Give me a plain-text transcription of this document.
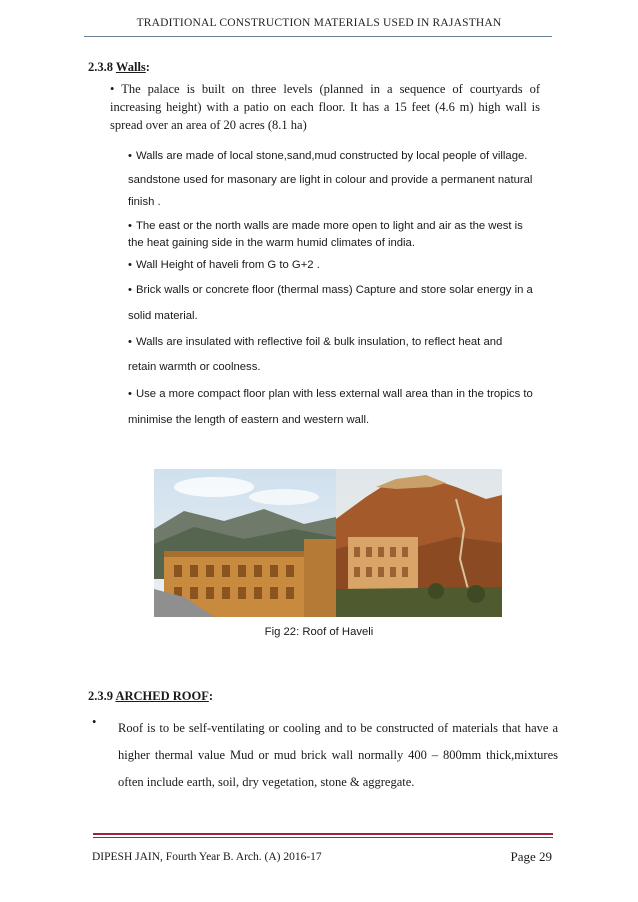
TRADITIONAL CONSTRUCTION MATERIALS USED IN RAJASTHAN
2.3.8 Walls:
• The palace is built on three levels (planned in a sequence of courtyards of increasing height) with a patio on each floor. It has a 15 feet (4.6 m) high wall is spread over an area of 20 acres (8.1 ha)
• Walls are made of local stone,sand,mud constructed by local people of village.
sandstone used for masonary are light in colour and provide a permanent natural
finish .
• The east or the north walls are made more open to light and air as the west is
the heat gaining side in the warm humid climates of india.
• Wall Height of haveli from G to G+2 .
• Brick walls or concrete floor (thermal mass) Capture and store solar energy in a
solid material.
• Walls are insulated with reflective foil & bulk insulation, to reflect heat and
retain warmth or coolness.
• Use a more compact floor plan with less external wall area than in the tropics to
minimise the length of eastern and western wall.
Fig 22: Roof of Haveli
2.3.9 ARCHED ROOF:
• Roof is to be self-ventilating or cooling and to be constructed of materials that have a higher thermal value Mud or mud brick wall normally 400 – 800mm thick,mixtures often include earth, soil, dry vegetation, stone & aggregate.
DIPESH JAIN, Fourth Year B. Arch. (A) 2016-17	Page 29
